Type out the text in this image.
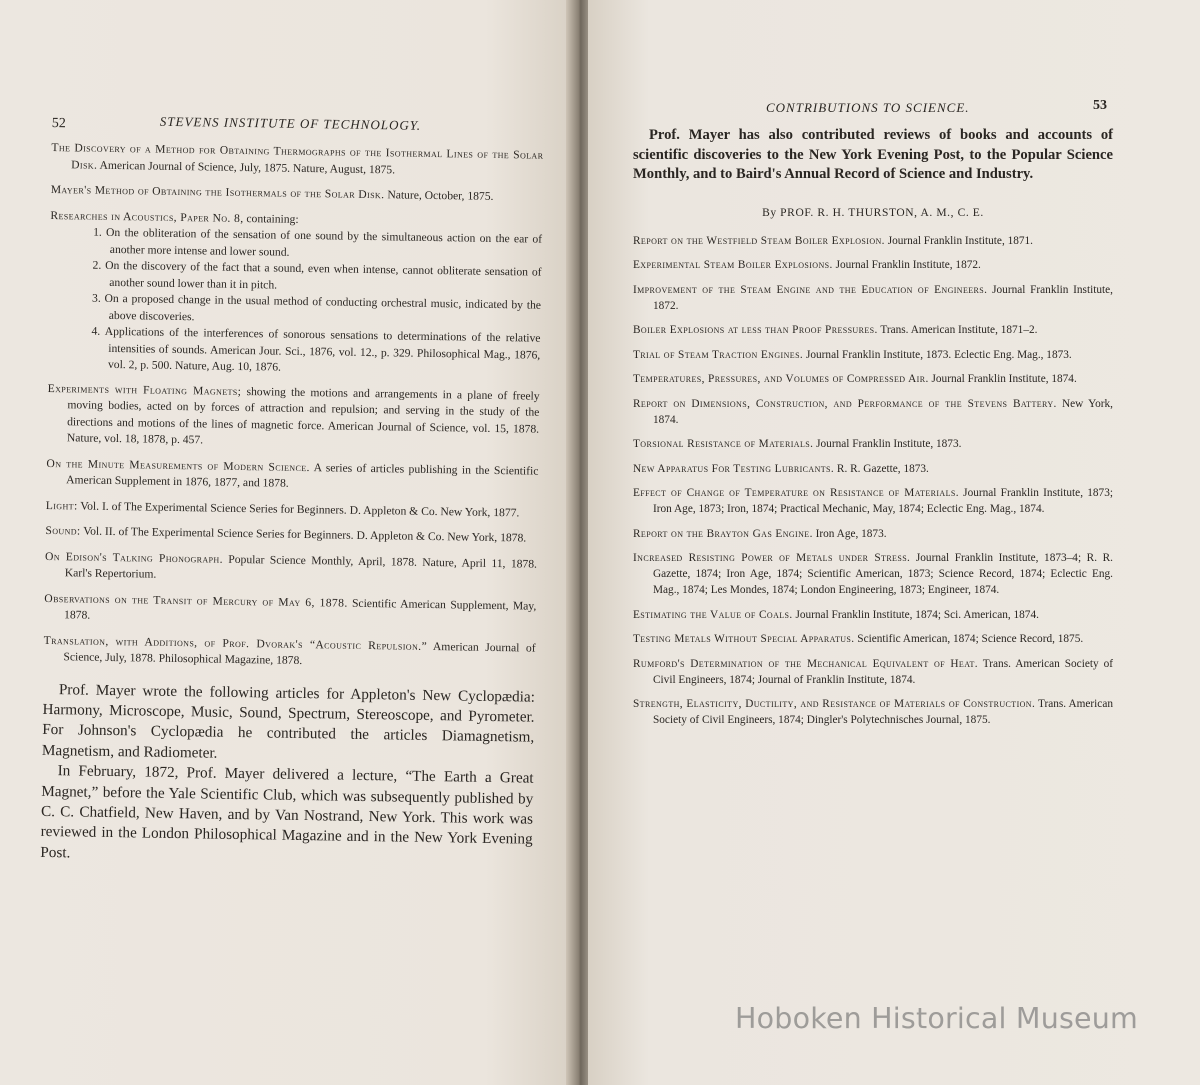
52	STEVENS INSTITUTE OF TECHNOLOGY.

The Discovery of a Method for Obtaining Thermographs of the Isothermal Lines of the Solar Disk. American Journal of Science, July, 1875. Nature, August, 1875.

Mayer's Method of Obtaining the Isothermals of the Solar Disk. Nature, October, 1875.

Researches in Acoustics, Paper No. 8, containing:

1. On the obliteration of the sensation of one sound by the simultaneous action on the ear of another more intense and lower sound.

2. On the discovery of the fact that a sound, even when intense, cannot obliterate sensation of another sound lower than it in pitch.

3. On a proposed change in the usual method of conducting orchestral music, indicated by the above discoveries.

4. Applications of the interferences of sonorous sensations to determinations of the relative intensities of sounds. American Jour. Sci., 1876, vol. 12., p. 329. Philosophical Mag., 1876, vol. 2, p. 500. Nature, Aug. 10, 1876.

Experiments with Floating Magnets; showing the motions and arrangements in a plane of freely moving bodies, acted on by forces of attraction and repulsion; and serving in the study of the directions and motions of the lines of magnetic force. American Journal of Science, vol. 15, 1878. Nature, vol. 18, 1878, p. 457.

On the Minute Measurements of Modern Science. A series of articles publishing in the Scientific American Supplement in 1876, 1877, and 1878.

Light: Vol. I. of The Experimental Science Series for Beginners. D. Appleton & Co. New York, 1877.

Sound: Vol. II. of The Experimental Science Series for Beginners. D. Appleton & Co. New York, 1878.

On Edison's Talking Phonograph. Popular Science Monthly, April, 1878. Nature, April 11, 1878. Karl's Repertorium.

Observations on the Transit of Mercury of May 6, 1878. Scientific American Supplement, May, 1878.

Translation, with Additions, of Prof. Dvorak's “Acoustic Repulsion.” American Journal of Science, July, 1878. Philosophical Magazine, 1878.

Prof. Mayer wrote the following articles for Appleton's New Cyclopædia: Harmony, Microscope, Music, Sound, Spectrum, Stereoscope, and Pyrometer. For Johnson's Cyclopædia he contributed the articles Diamagnetism, Magnetism, and Radiometer.

In February, 1872, Prof. Mayer delivered a lecture, “The Earth a Great Magnet,” before the Yale Scientific Club, which was subsequently published by C. C. Chatfield, New Haven, and by Van Nostrand, New York. This work was reviewed in the London Philosophical Magazine and in the New York Evening Post.

CONTRIBUTIONS TO SCIENCE.	53

Prof. Mayer has also contributed reviews of books and accounts of scientific discoveries to the New York Evening Post, to the Popular Science Monthly, and to Baird's Annual Record of Science and Industry.

By PROF. R. H. THURSTON, A. M., C. E.

Report on the Westfield Steam Boiler Explosion. Journal Franklin Institute, 1871.

Experimental Steam Boiler Explosions. Journal Franklin Institute, 1872.

Improvement of the Steam Engine and the Education of Engineers. Journal Franklin Institute, 1872.

Boiler Explosions at less than Proof Pressures. Trans. American Institute, 1871–2.

Trial of Steam Traction Engines. Journal Franklin Institute, 1873. Eclectic Eng. Mag., 1873.

Temperatures, Pressures, and Volumes of Compressed Air. Journal Franklin Institute, 1874.

Report on Dimensions, Construction, and Performance of the Stevens Battery. New York, 1874.

Torsional Resistance of Materials. Journal Franklin Institute, 1873.

New Apparatus For Testing Lubricants. R. R. Gazette, 1873.

Effect of Change of Temperature on Resistance of Materials. Journal Franklin Institute, 1873; Iron Age, 1873; Iron, 1874; Practical Mechanic, May, 1874; Eclectic Eng. Mag., 1874.

Report on the Brayton Gas Engine. Iron Age, 1873.

Increased Resisting Power of Metals under Stress. Journal Franklin Institute, 1873–4; R. R. Gazette, 1874; Iron Age, 1874; Scientific American, 1873; Science Record, 1874; Eclectic Eng. Mag., 1874; Les Mondes, 1874; London Engineering, 1873; Engineer, 1874.

Estimating the Value of Coals. Journal Franklin Institute, 1874; Sci. American, 1874.

Testing Metals Without Special Apparatus. Scientific American, 1874; Science Record, 1875.

Rumford's Determination of the Mechanical Equivalent of Heat. Trans. American Society of Civil Engineers, 1874; Journal of Franklin Institute, 1874.

Strength, Elasticity, Ductility, and Resistance of Materials of Construction. Trans. American Society of Civil Engineers, 1874; Dingler's Polytechnisches Journal, 1875.

Hoboken Historical Museum
